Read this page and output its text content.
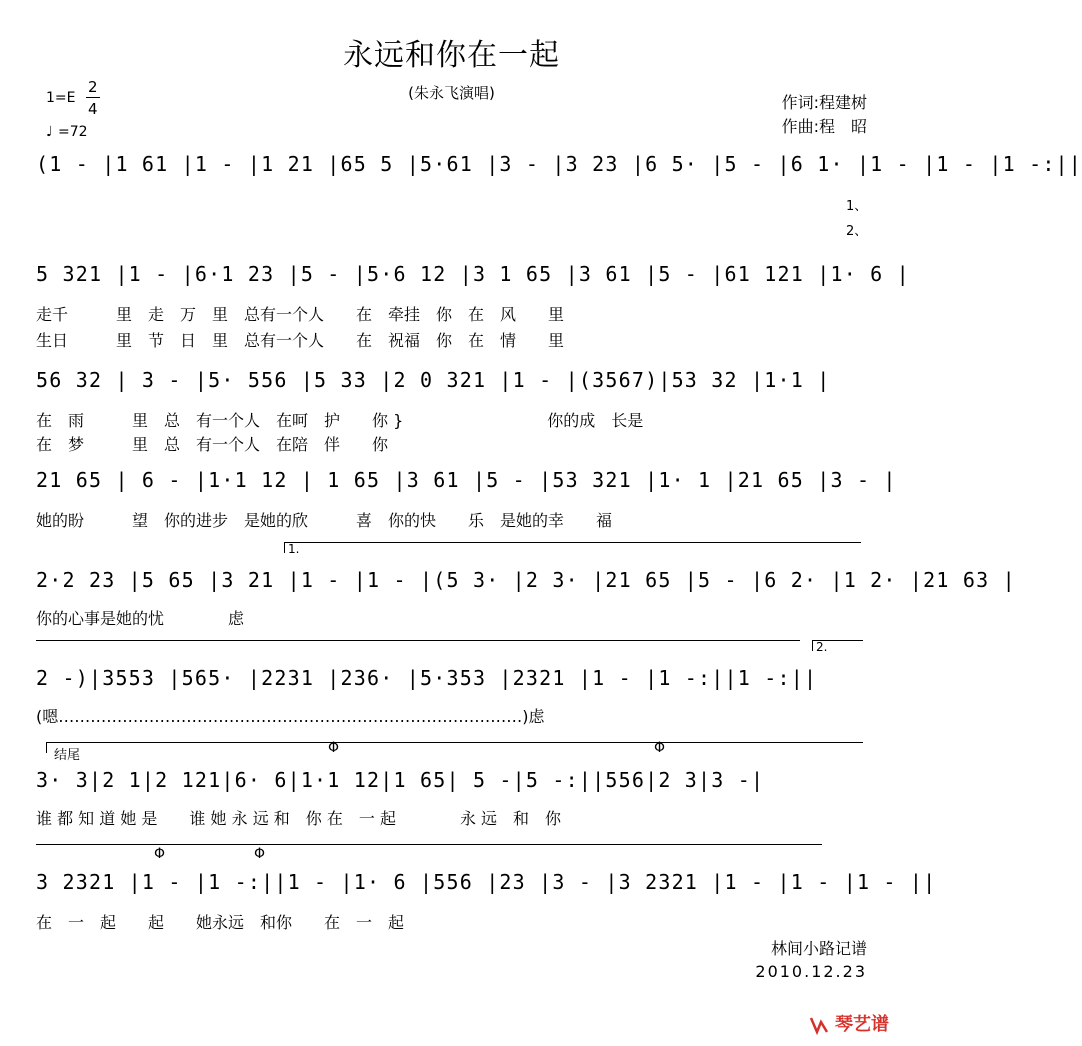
永远和你在一起
(朱永飞演唱)
1=E
2
4
♩ =72
作词:程建树
作曲:程　昭
(1 - |1 61 |1 - |1 21 |65 5 |5·61 |3 - |3 23 |6 5· |5 - |6 1· |1 - |1 - |1 -:||
1、
2、
5 321 |1 - |6·1 23 |5 - |5·6 12 |3 1 65 |3 61 |5 - |61 121 |1· 6 |
走千　　　里　走　万　里　总有一个人　　在　牵挂　你　在　风　　里
生日　　　里　节　日　里　总有一个人　　在　祝福　你　在　情　　里
56 32 | 3 - |5· 556 |5 33 |2 0 321 |1 - |(3567)|53 32 |1·1 |
在　雨　　　里　总　有一个人　在呵　护　　你 }　　　　　　　　　你的成　长是
在　梦　　　里　总　有一个人　在陪　伴　　你
21 65 | 6 - |1·1 12 | 1 65 |3 61 |5 - |53 321 |1· 1 |21 65 |3 - |
她的盼　　　望　你的进步　是她的欣　　　喜　你的快　　乐　是她的幸　　福
1.
2·2 23 |5 65 |3 21 |1 - |1 - |(5 3· |2 3· |21 65 |5 - |6 2· |1 2· |21 63 |
你的心事是她的忧　　　　虑
2.
2 -)|3553 |565· |2231 |236· |5·353 |2321 |1 - |1 -:||1 -:||
(嗯……………………………………………………………………………)虑
结尾	Φ	Φ
3· 3|2 1|2 121|6· 6|1·1 12|1 65| 5 -|5 -:||556|2 3|3 -|
谁 都 知 道 她 是　　谁 她 永 远 和　你 在　一 起　　　　永 远　和　你
Φ	Φ
3 2321 |1 - |1 -:||1 - |1· 6 |556 |23 |3 - |3 2321 |1 - |1 - |1 - ||
在　一　起　　起　　她永远　和你　　在　一　起
林间小路记谱
2010.12.23
琴艺谱
